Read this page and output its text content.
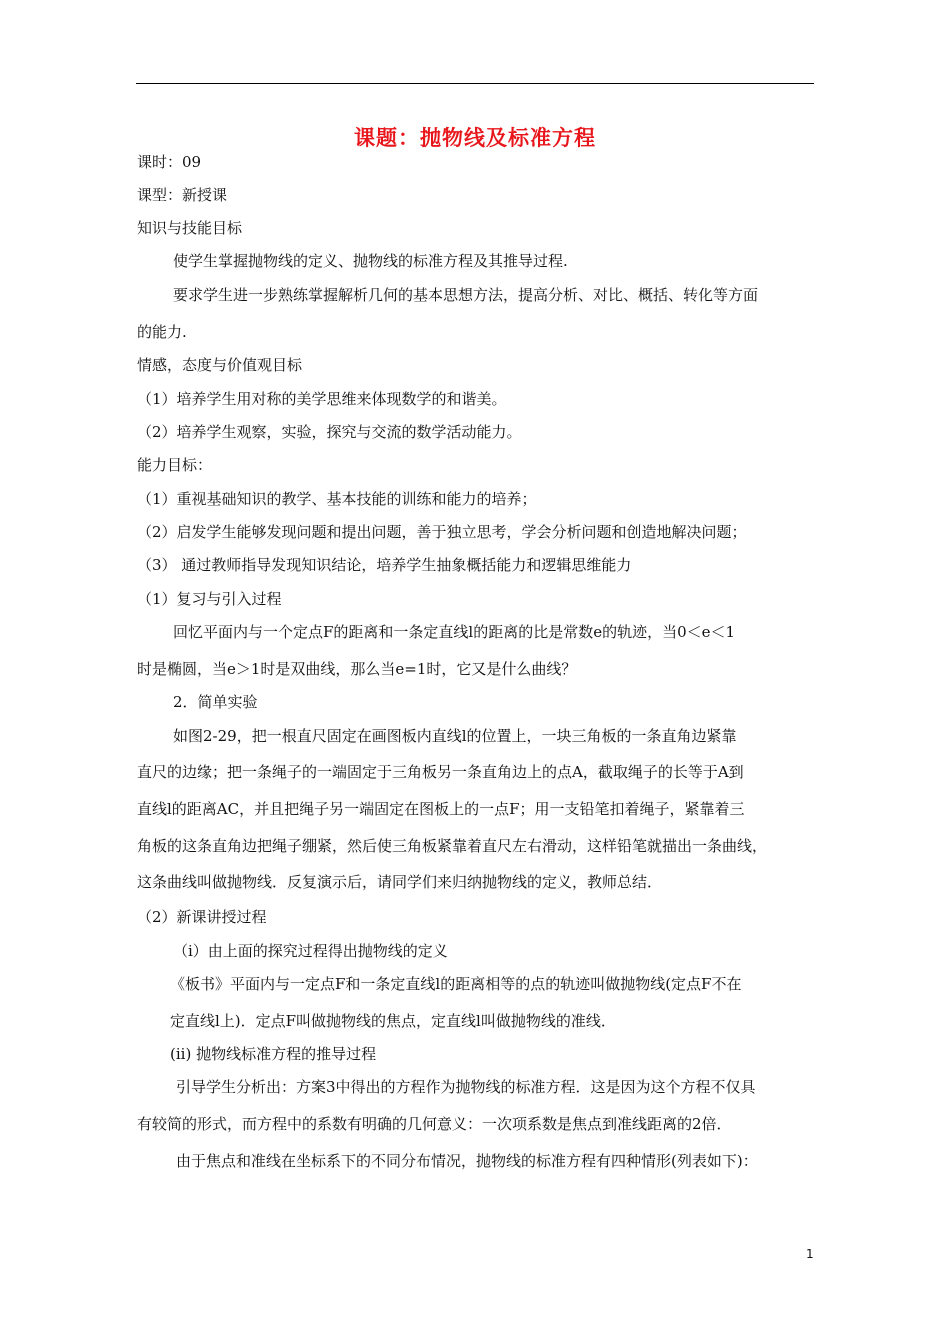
课题：抛物线及标准方程
课时：09
课型：新授课
知识与技能目标
使学生掌握抛物线的定义、抛物线的标准方程及其推导过程.
要求学生进一步熟练掌握解析几何的基本思想方法，提高分析、对比、概括、转化等方面
的能力.
情感，态度与价值观目标
（1）培养学生用对称的美学思维来体现数学的和谐美。
（2）培养学生观察，实验，探究与交流的数学活动能力。
能力目标：
（1）重视基础知识的教学、基本技能的训练和能力的培养；
（2）启发学生能够发现问题和提出问题，善于独立思考，学会分析问题和创造地解决问题；
（3） 通过教师指导发现知识结论，培养学生抽象概括能力和逻辑思维能力
（1）复习与引入过程
回忆平面内与一个定点F的距离和一条定直线l的距离的比是常数e的轨迹，当0＜e＜1
时是椭圆，当e＞1时是双曲线，那么当e=1时，它又是什么曲线？
2．简单实验
如图2-29，把一根直尺固定在画图板内直线l的位置上，一块三角板的一条直角边紧靠
直尺的边缘；把一条绳子的一端固定于三角板另一条直角边上的点A，截取绳子的长等于A到
直线l的距离AC，并且把绳子另一端固定在图板上的一点F；用一支铅笔扣着绳子，紧靠着三
角板的这条直角边把绳子绷紧，然后使三角板紧靠着直尺左右滑动，这样铅笔就描出一条曲线，
这条曲线叫做抛物线．反复演示后，请同学们来归纳抛物线的定义，教师总结．
（2）新课讲授过程
（i）由上面的探究过程得出抛物线的定义
《板书》平面内与一定点F和一条定直线l的距离相等的点的轨迹叫做抛物线(定点F不在
定直线l上)．定点F叫做抛物线的焦点，定直线l叫做抛物线的准线．
(ii) 抛物线标准方程的推导过程
引导学生分析出：方案3中得出的方程作为抛物线的标准方程．这是因为这个方程不仅具
有较简的形式，而方程中的系数有明确的几何意义：一次项系数是焦点到准线距离的2倍．
由于焦点和准线在坐标系下的不同分布情况，抛物线的标准方程有四种情形(列表如下)：
1
